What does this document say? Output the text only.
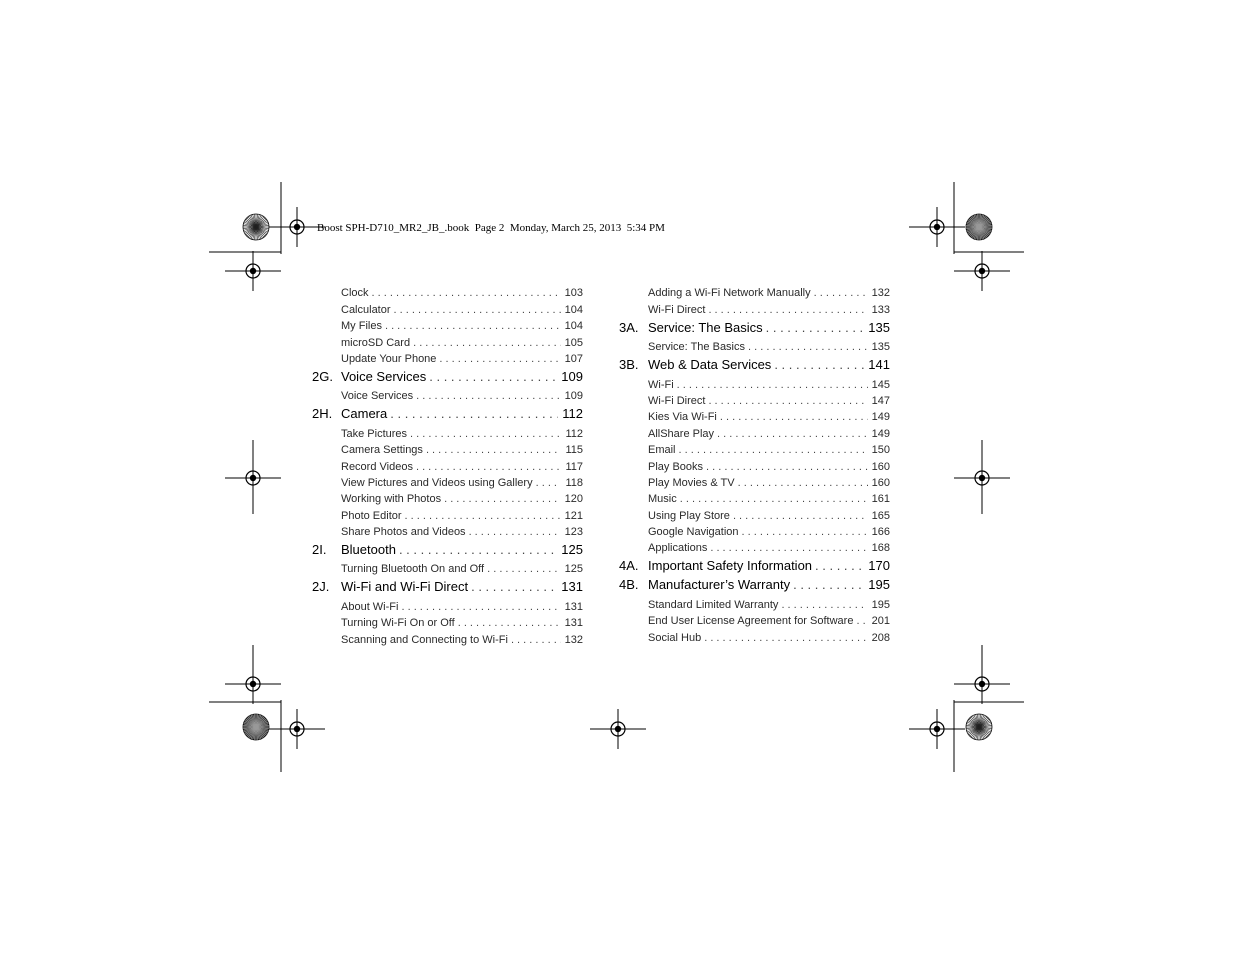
Boost SPH-D710_MR2_JB_.book  Page 2  Monday, March 25, 2013  5:34 PM
Clock . . .	103
Calculator . . .	104
My Files . . .	104
microSD Card . . .	105
Update Your Phone . . .	107
2G. Voice Services . . .	109
Voice Services . . .	109
2H. Camera . . .	112
Take Pictures . . .	112
Camera Settings . . .	115
Record Videos . . .	117
View Pictures and Videos using Gallery . . .	118
Working with Photos . . .	120
Photo Editor . . .	121
Share Photos and Videos . . .	123
2I.	Bluetooth . . .	125
Turning Bluetooth On and Off . . .	125
2J. Wi-Fi and Wi-Fi Direct . . .	131
About Wi-Fi . . .	131
Turning Wi-Fi On or Off . . .	131
Scanning and Connecting to Wi-Fi . . .	132
Adding a Wi-Fi Network Manually . . .	132
Wi-Fi Direct . . .	133
3A. Service: The Basics . . .	135
Service: The Basics . . .	135
3B. Web & Data Services . . .	141
Wi-Fi . . .	145
Wi-Fi Direct . . .	147
Kies Via Wi-Fi . . .	149
AllShare Play . . .	149
Email . . .	150
Play Books . . .	160
Play Movies & TV . . .	160
Music . . .	161
Using Play Store . . .	165
Google Navigation . . .	166
Applications . . .	168
4A. Important Safety Information . . .	170
4B. Manufacturer’s Warranty . . .	195
Standard Limited Warranty . . .	195
End User License Agreement for Software . . .	201
Social Hub . . .	208
